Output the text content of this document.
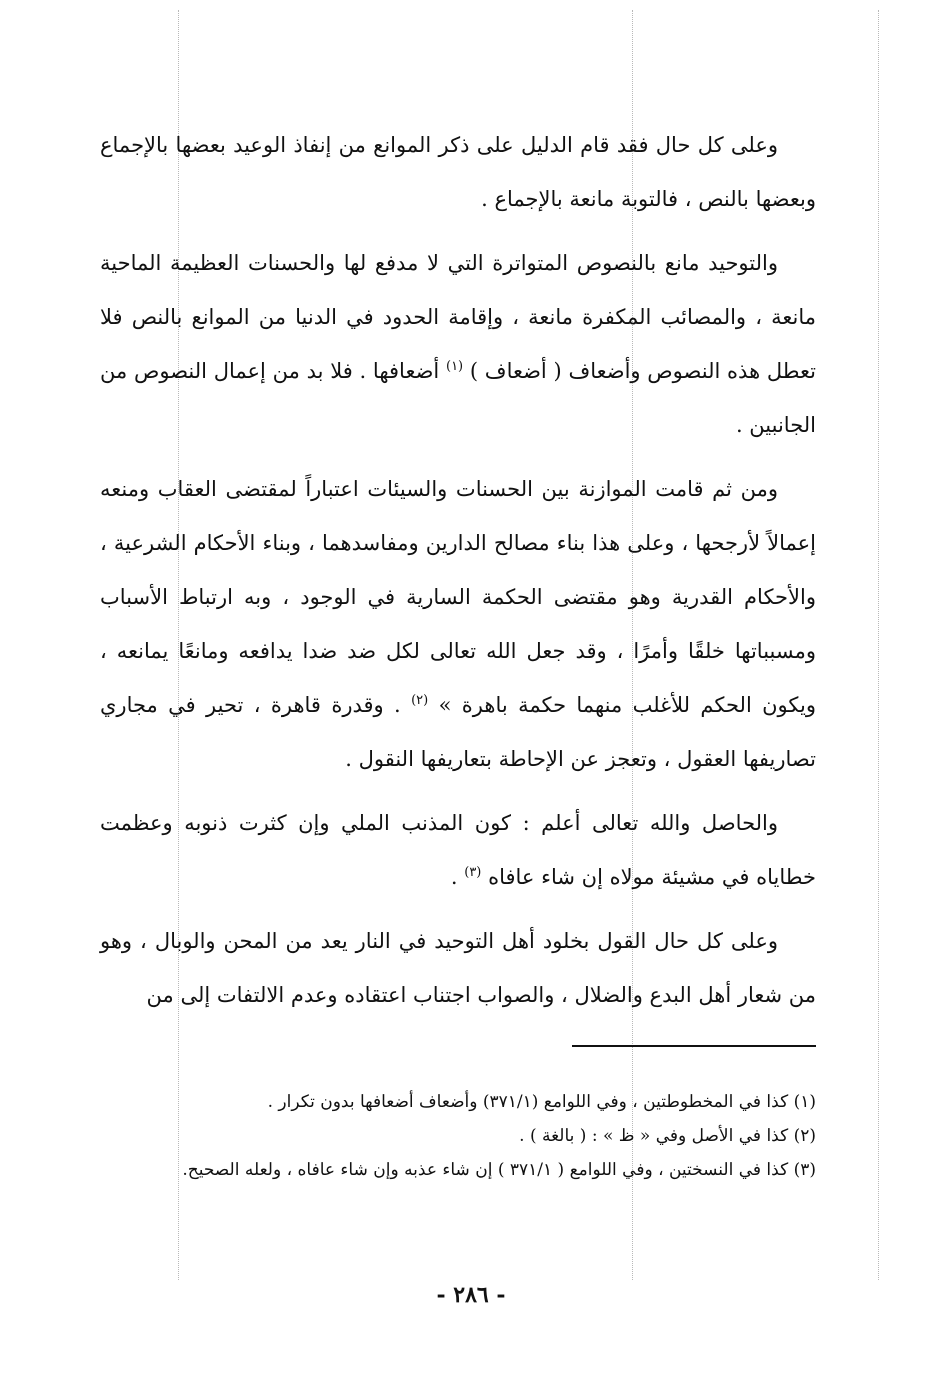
وعلى كل حال فقد قام الدليل على ذكر الموانع من إنفاذ الوعيد بعضها بالإجماع وبعضها بالنص ، فالتوبة مانعة بالإجماع .

والتوحيد مانع بالنصوص المتواترة التي لا مدفع لها والحسنات العظيمة الماحية مانعة ، والمصائب المكفرة مانعة ، وإقامة الحدود في الدنيا من الموانع بالنص فلا تعطل هذه النصوص وأضعاف ( أضعاف ) $^{(١)}$ أضعافها . فلا بد من إعمال النصوص من الجانبين .

ومن ثم قامت الموازنة بين الحسنات والسيئات اعتباراً لمقتضى العقاب ومنعه إعمالاً لأرجحها ، وعلى هذا بناء مصالح الدارين ومفاسدهما ، وبناء الأحكام الشرعية ، والأحكام القدرية وهو مقتضى الحكمة السارية في الوجود ، وبه ارتباط الأسباب ومسبباتها خلقًا وأمرًا ، وقد جعل الله تعالى لكل ضد ضدا يدافعه ومانعًا يمانعه ، ويكون الحكم للأغلب منهما حكمة باهرة » $^{(٢)}$ . وقدرة قاهرة ، تحير في مجاري تصاريفها العقول ، وتعجز عن الإحاطة بتعاريفها النقول .

والحاصل والله تعالى أعلم : كون المذنب الملي وإن كثرت ذنوبه وعظمت خطاياه في مشيئة مولاه إن شاء عافاه $^{(٣)}$ .

وعلى كل حال القول بخلود أهل التوحيد في النار يعد من المحن والوبال ، وهو من شعار أهل البدع والضلال ، والصواب اجتناب اعتقاده وعدم الالتفات إلى من

(١) كذا في المخطوطتين ، وفي اللوامع (٣٧١/١) وأضعاف أضعافها بدون تكرار .
(٢) كذا في الأصل وفي « ظ » : ( بالغة ) .
(٣) كذا في النسختين ، وفي اللوامع ( ٣٧١/١ ) إن شاء عذبه وإن شاء عافاه ، ولعله الصحيح.
- ٢٨٦ -
